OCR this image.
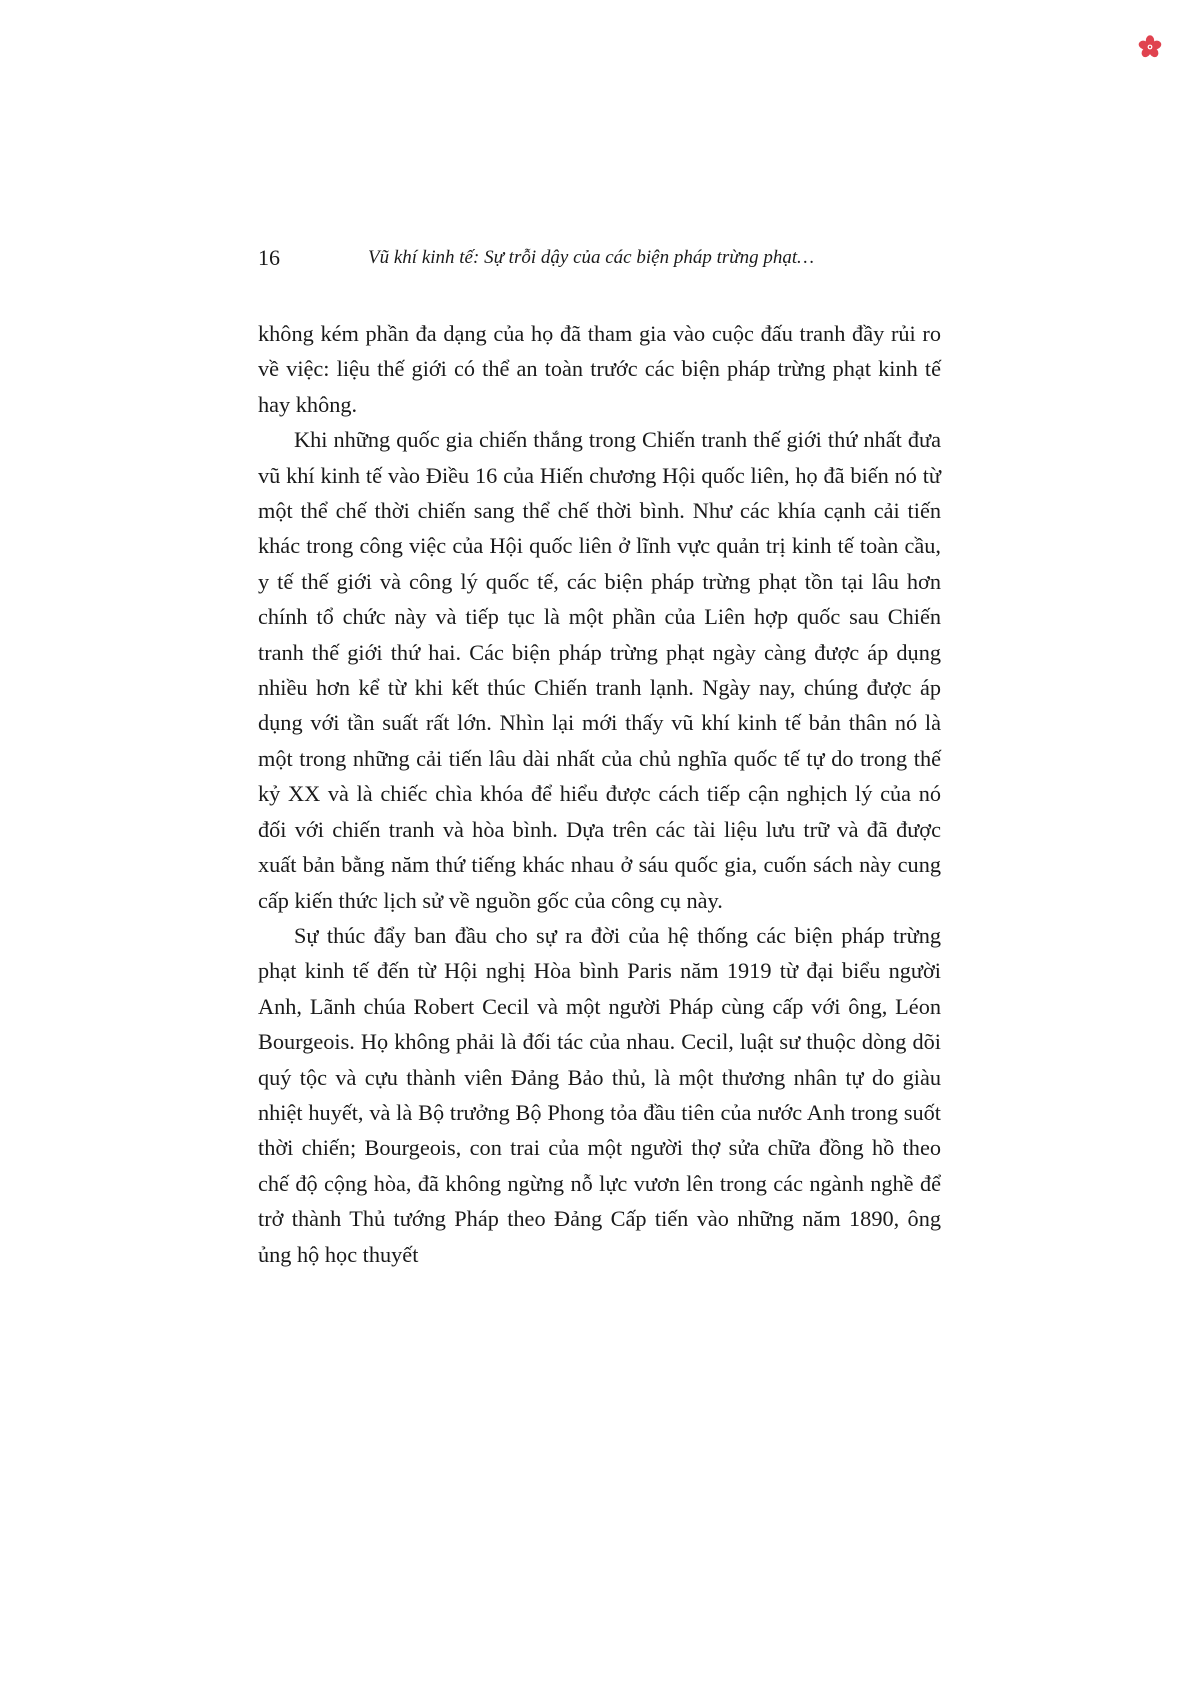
16	Vũ khí kinh tế: Sự trỗi dậy của các biện pháp trừng phạt…

không kém phần đa dạng của họ đã tham gia vào cuộc đấu tranh đầy rủi ro về việc: liệu thế giới có thể an toàn trước các biện pháp trừng phạt kinh tế hay không.

Khi những quốc gia chiến thắng trong Chiến tranh thế giới thứ nhất đưa vũ khí kinh tế vào Điều 16 của Hiến chương Hội quốc liên, họ đã biến nó từ một thể chế thời chiến sang thể chế thời bình. Như các khía cạnh cải tiến khác trong công việc của Hội quốc liên ở lĩnh vực quản trị kinh tế toàn cầu, y tế thế giới và công lý quốc tế, các biện pháp trừng phạt tồn tại lâu hơn chính tổ chức này và tiếp tục là một phần của Liên hợp quốc sau Chiến tranh thế giới thứ hai. Các biện pháp trừng phạt ngày càng được áp dụng nhiều hơn kể từ khi kết thúc Chiến tranh lạnh. Ngày nay, chúng được áp dụng với tần suất rất lớn. Nhìn lại mới thấy vũ khí kinh tế bản thân nó là một trong những cải tiến lâu dài nhất của chủ nghĩa quốc tế tự do trong thế kỷ XX và là chiếc chìa khóa để hiểu được cách tiếp cận nghịch lý của nó đối với chiến tranh và hòa bình. Dựa trên các tài liệu lưu trữ và đã được xuất bản bằng năm thứ tiếng khác nhau ở sáu quốc gia, cuốn sách này cung cấp kiến thức lịch sử về nguồn gốc của công cụ này.

Sự thúc đẩy ban đầu cho sự ra đời của hệ thống các biện pháp trừng phạt kinh tế đến từ Hội nghị Hòa bình Paris năm 1919 từ đại biểu người Anh, Lãnh chúa Robert Cecil và một người Pháp cùng cấp với ông, Léon Bourgeois. Họ không phải là đối tác của nhau. Cecil, luật sư thuộc dòng dõi quý tộc và cựu thành viên Đảng Bảo thủ, là một thương nhân tự do giàu nhiệt huyết, và là Bộ trưởng Bộ Phong tỏa đầu tiên của nước Anh trong suốt thời chiến; Bourgeois, con trai của một người thợ sửa chữa đồng hồ theo chế độ cộng hòa, đã không ngừng nỗ lực vươn lên trong các ngành nghề để trở thành Thủ tướng Pháp theo Đảng Cấp tiến vào những năm 1890, ông ủng hộ học thuyết
